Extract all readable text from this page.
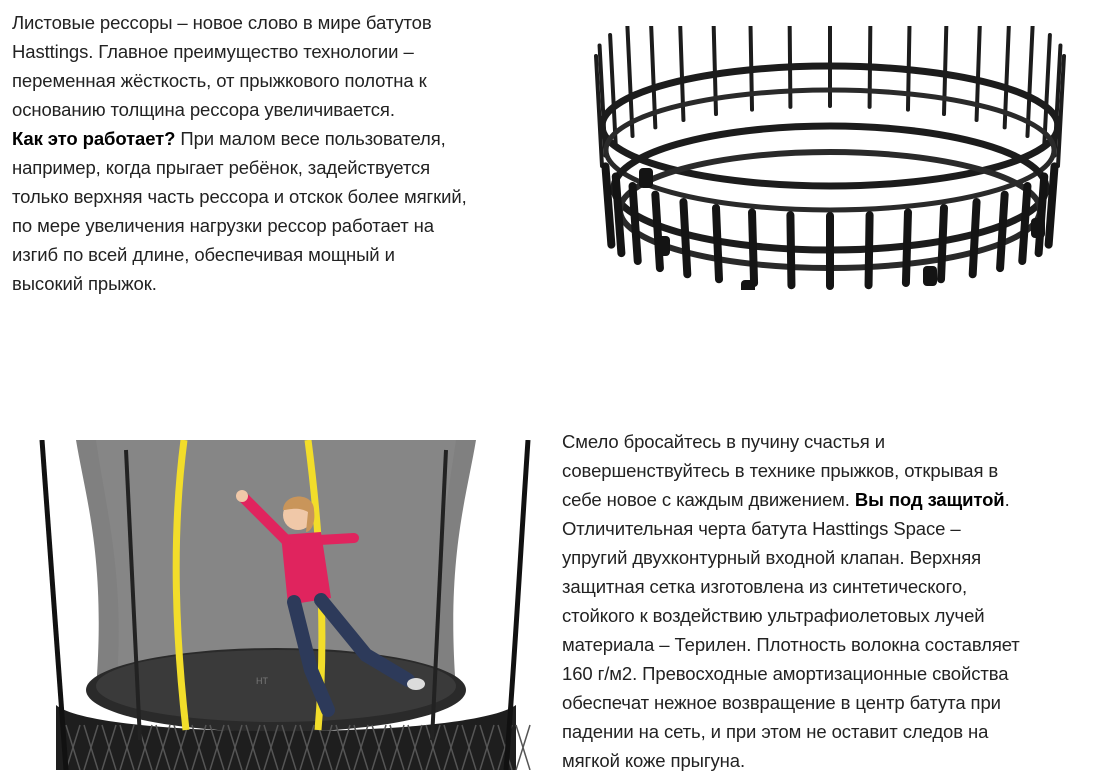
Листовые рессоры – новое слово в мире батутов
Hasttings. Главное преимущество технологии –
переменная жёсткость, от прыжкового полотна к
основанию толщина рессора увеличивается.
Как это работает? При малом весе пользователя,
например, когда прыгает ребёнок, задействуется
только верхняя часть рессора и отскок более мягкий,
по мере увеличения нагрузки рессор работает на
изгиб по всей длине, обеспечивая мощный и
высокий прыжок.

HT

Смело бросайтесь в пучину счастья и
совершенствуйтесь в технике прыжков, открывая в
себе новое с каждым движением. Вы под защитой.
Отличительная черта батута Hasttings Space –
упругий двухконтурный входной клапан. Верхняя
защитная сетка изготовлена из синтетического,
стойкого к воздействию ультрафиолетовых лучей
материала – Терилен. Плотность волокна составляет
160 г/м2. Превосходные амортизационные свойства
обеспечат нежное возвращение в центр батута при
падении на сеть, и при этом не оставит следов на
мягкой коже прыгуна.
